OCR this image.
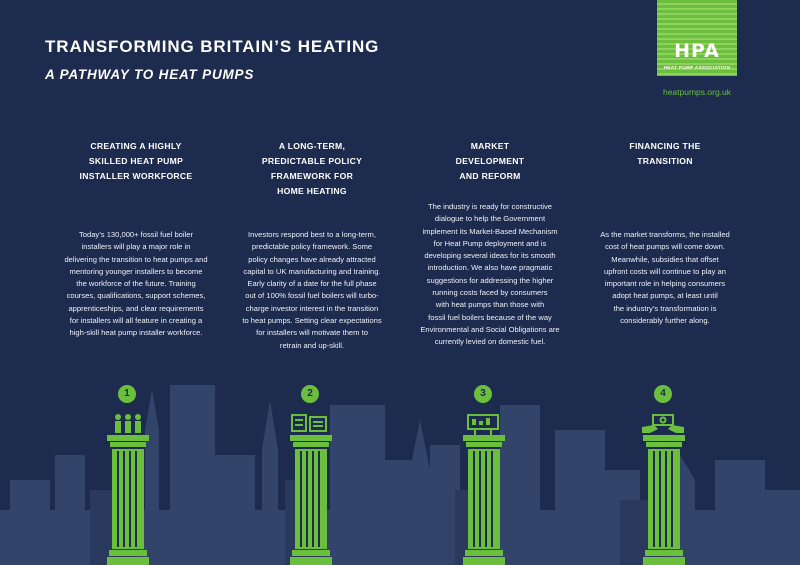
TRANSFORMING BRITAIN’S HEATING
A PATHWAY TO HEAT PUMPS
HPA
HEAT PUMP ASSOCIATION
heatpumps.org.uk
CREATING A HIGHLY
SKILLED HEAT PUMP
INSTALLER WORKFORCE

Today’s 130,000+ fossil fuel boiler
installers will play a major role in
delivering the transition to heat pumps and
mentoring younger installers to become
the workforce of the future. Training
courses, qualifications, support schemes,
apprenticeships, and clear requirements
for installers will all feature in creating a
high-skill heat pump installer workforce.

A LONG-TERM,
PREDICTABLE POLICY
FRAMEWORK FOR
HOME HEATING

Investors respond best to a long-term,
predictable policy framework. Some
policy changes have already attracted
capital to UK manufacturing and training.
Early clarity of a date for the full phase
out of 100% fossil fuel boilers will turbo-
charge investor interest in the transition
to heat pumps. Setting clear expectations
for installers will motivate them to
retrain and up-skill.

MARKET
DEVELOPMENT
AND REFORM

The industry is ready for constructive
dialogue to help the Government
implement its Market-Based Mechanism
for Heat Pump deployment and is
developing several ideas for its smooth
introduction. We also have pragmatic
suggestions for addressing the higher
running costs faced by consumers
with heat pumps than those with
fossil fuel boilers because of the way
Environmental and Social Obligations are
currently levied on domestic fuel.

FINANCING THE
TRANSITION

As the market transforms, the installed
cost of heat pumps will come down.
Meanwhile, subsidies that offset
upfront costs will continue to play an
important role in helping consumers
adopt heat pumps, at least until
the industry’s transformation is
considerably further along.

1	2	3	4
